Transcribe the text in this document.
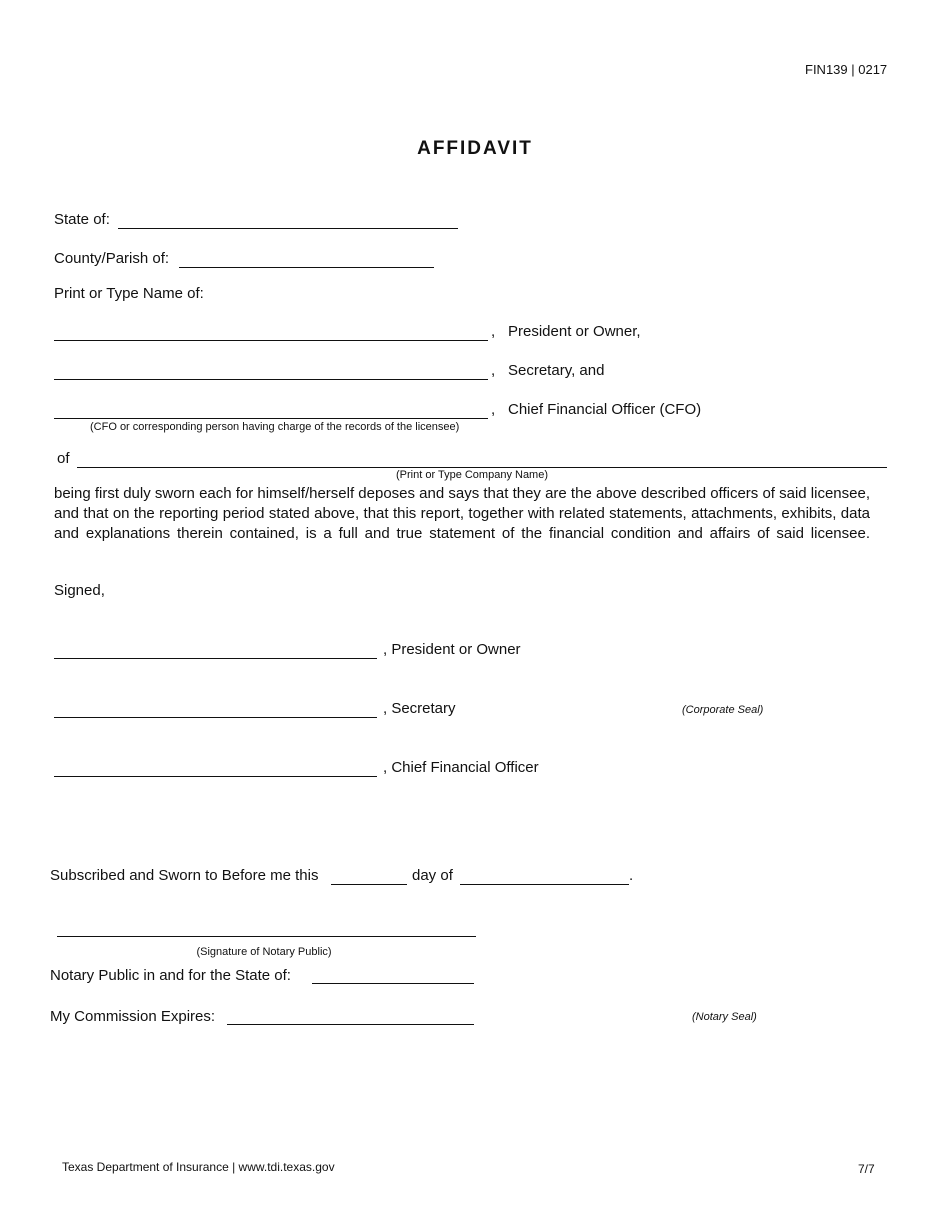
FIN139 | 0217
AFFIDAVIT
State of:
County/Parish of:
Print or Type Name of:
, President or Owner,
, Secretary, and
, Chief Financial Officer (CFO)
(CFO or corresponding person having charge of the records of the licensee)
of
(Print or Type Company Name)
being first duly sworn each for himself/herself deposes and says that they are the above described officers of said licensee, and that on the reporting period stated above, that this report, together with related statements, attachments, exhibits, data and explanations therein contained, is a full and true statement of the financial condition and affairs of said licensee.
Signed,
, President or Owner
, Secretary	(Corporate Seal)
, Chief Financial Officer
Subscribed and Sworn to Before me this	day of	.
(Signature of Notary Public)
Notary Public in and for the State of:
My Commission Expires:	(Notary Seal)
Texas Department of Insurance | www.tdi.texas.gov	7/7
